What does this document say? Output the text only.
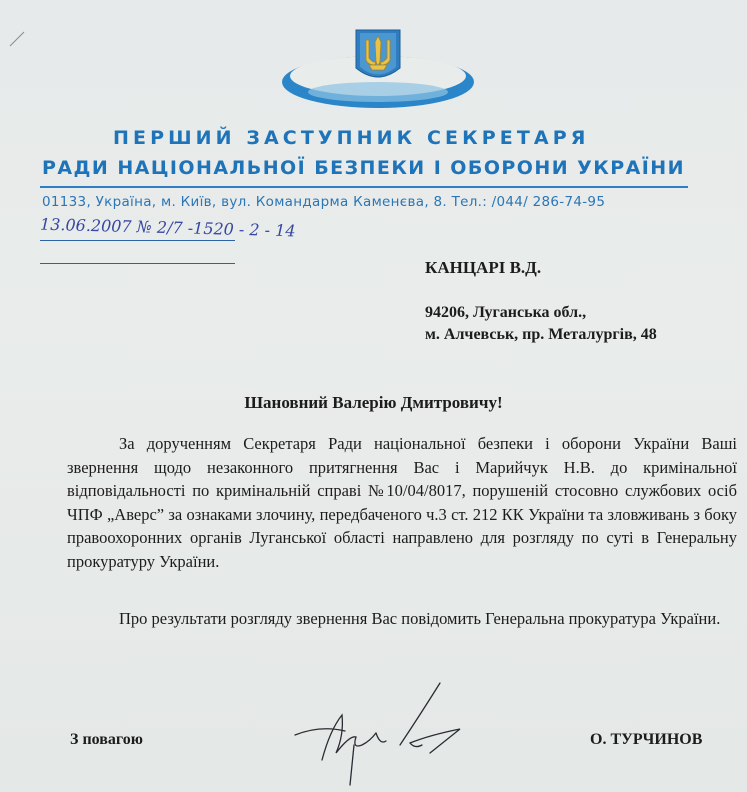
ПЕРШИЙ ЗАСТУПНИК СЕКРЕТАРЯ
РАДИ НАЦІОНАЛЬНОЇ БЕЗПЕКИ І ОБОРОНИ УКРАЇНИ
01133, Україна, м. Київ, вул. Командарма Каменєва, 8. Тел.: /044/ 286-74-95
13.06.2007 № 2/7 -1520 - 2 - 14
КАНЦАРІ В.Д.
94206, Луганська обл.,
м. Алчевськ, пр. Металургів, 48
Шановний Валерію Дмитровичу!

За дорученням Секретаря Ради національної безпеки і оборони України Ваші звернення щодо незаконного притягнення Вас і Марийчук Н.В. до кримінальної відповідальності по кримінальній справі №10/04/8017, порушеній стосовно службових осіб ЧПФ „Аверс” за ознаками злочину, передбаченого ч.3 ст. 212 КК України та зловживань з боку правоохоронних органів Луганської області направлено для розгляду по суті в Генеральну прокуратуру України.

Про результати розгляду звернення Вас повідомить Генеральна прокуратура України.

З повагою	О. ТУРЧИНОВ
